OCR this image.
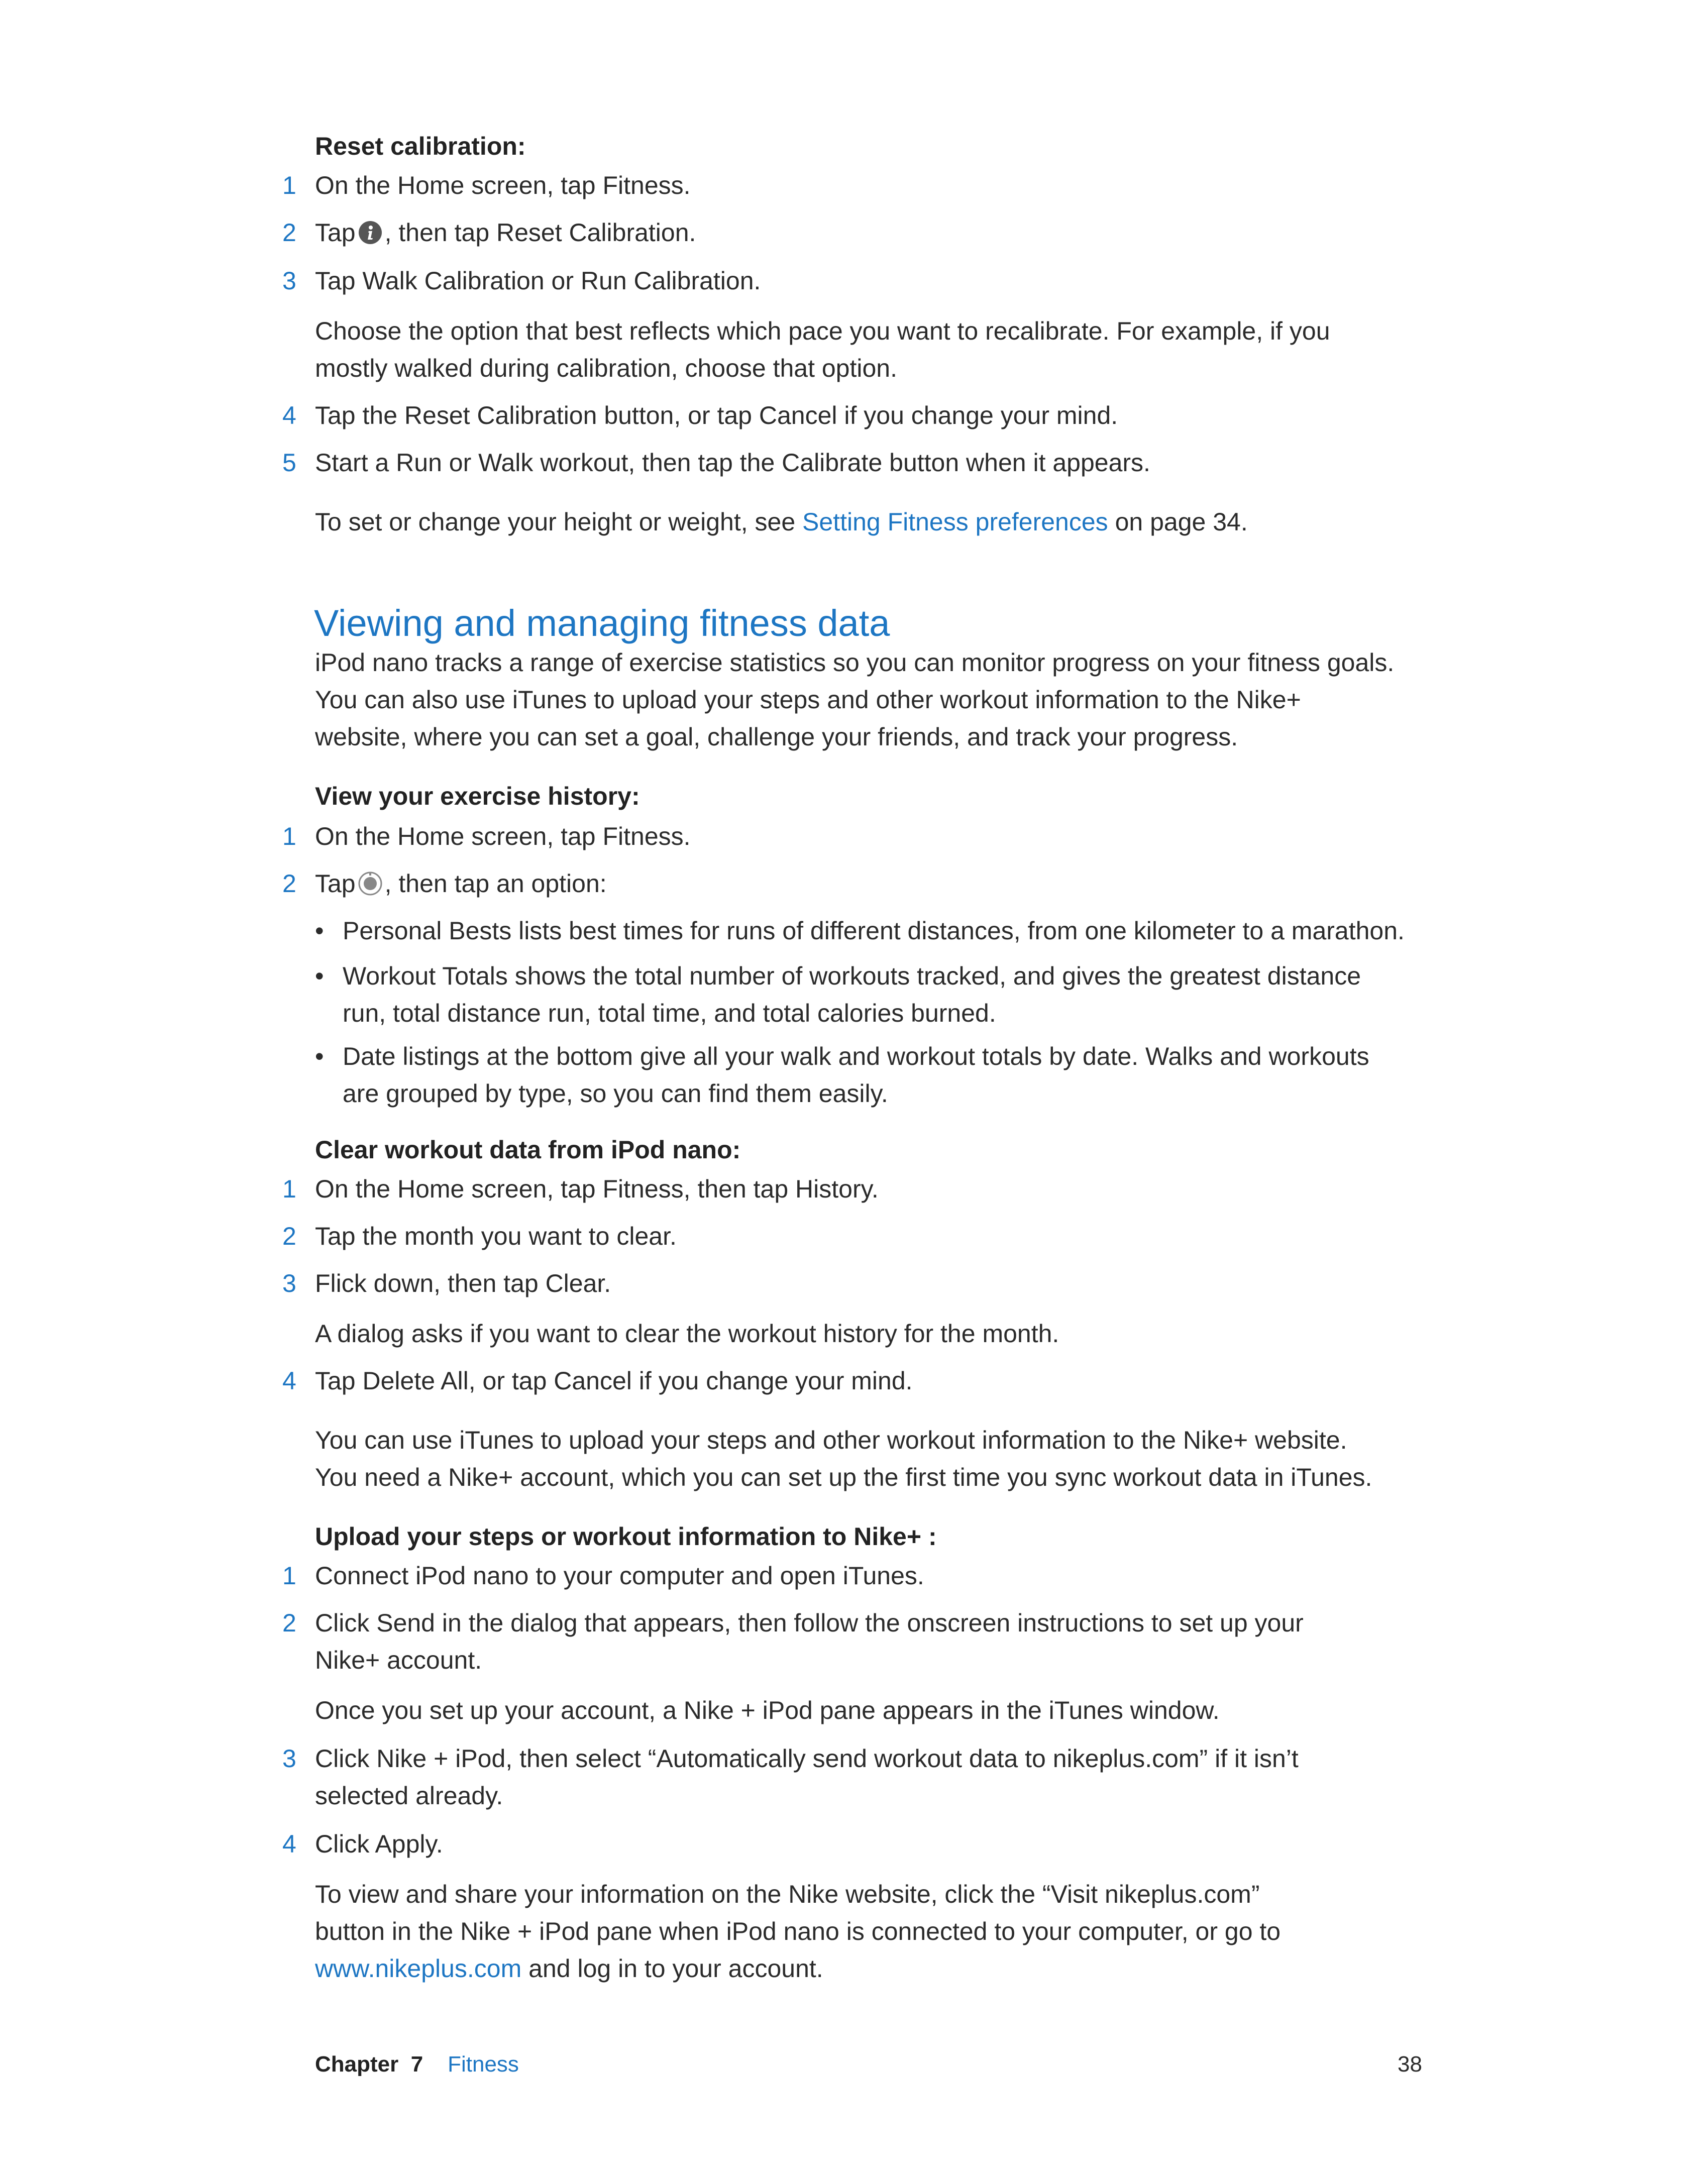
Reset calibration:
1 On the Home screen, tap Fitness.
2 Tap , then tap Reset Calibration.
3 Tap Walk Calibration or Run Calibration.
Choose the option that best reflects which pace you want to recalibrate. For example, if you
mostly walked during calibration, choose that option.
4 Tap the Reset Calibration button, or tap Cancel if you change your mind.
5 Start a Run or Walk workout, then tap the Calibrate button when it appears.
To set or change your height or weight, see Setting Fitness preferences on page 34.
Viewing and managing fitness data
iPod nano tracks a range of exercise statistics so you can monitor progress on your fitness goals.
You can also use iTunes to upload your steps and other workout information to the Nike+
website, where you can set a goal, challenge your friends, and track your progress.
View your exercise history:
1 On the Home screen, tap Fitness.
2 Tap , then tap an option:
• Personal Bests lists best times for runs of different distances, from one kilometer to a marathon.
• Workout Totals shows the total number of workouts tracked, and gives the greatest distance
run, total distance run, total time, and total calories burned.
• Date listings at the bottom give all your walk and workout totals by date. Walks and workouts
are grouped by type, so you can find them easily.
Clear workout data from iPod nano:
1 On the Home screen, tap Fitness, then tap History.
2 Tap the month you want to clear.
3 Flick down, then tap Clear.
A dialog asks if you want to clear the workout history for the month.
4 Tap Delete All, or tap Cancel if you change your mind.
You can use iTunes to upload your steps and other workout information to the Nike+ website.
You need a Nike+ account, which you can set up the first time you sync workout data in iTunes.
Upload your steps or workout information to Nike+ :
1 Connect iPod nano to your computer and open iTunes.
2 Click Send in the dialog that appears, then follow the onscreen instructions to set up your
Nike+ account.
Once you set up your account, a Nike + iPod pane appears in the iTunes window.
3 Click Nike + iPod, then select “Automatically send workout data to nikeplus.com” if it isn’t
selected already.
4 Click Apply.
To view and share your information on the Nike website, click the “Visit nikeplus.com”
button in the Nike + iPod pane when iPod nano is connected to your computer, or go to
www.nikeplus.com and log in to your account.
Chapter 7 Fitness	38
